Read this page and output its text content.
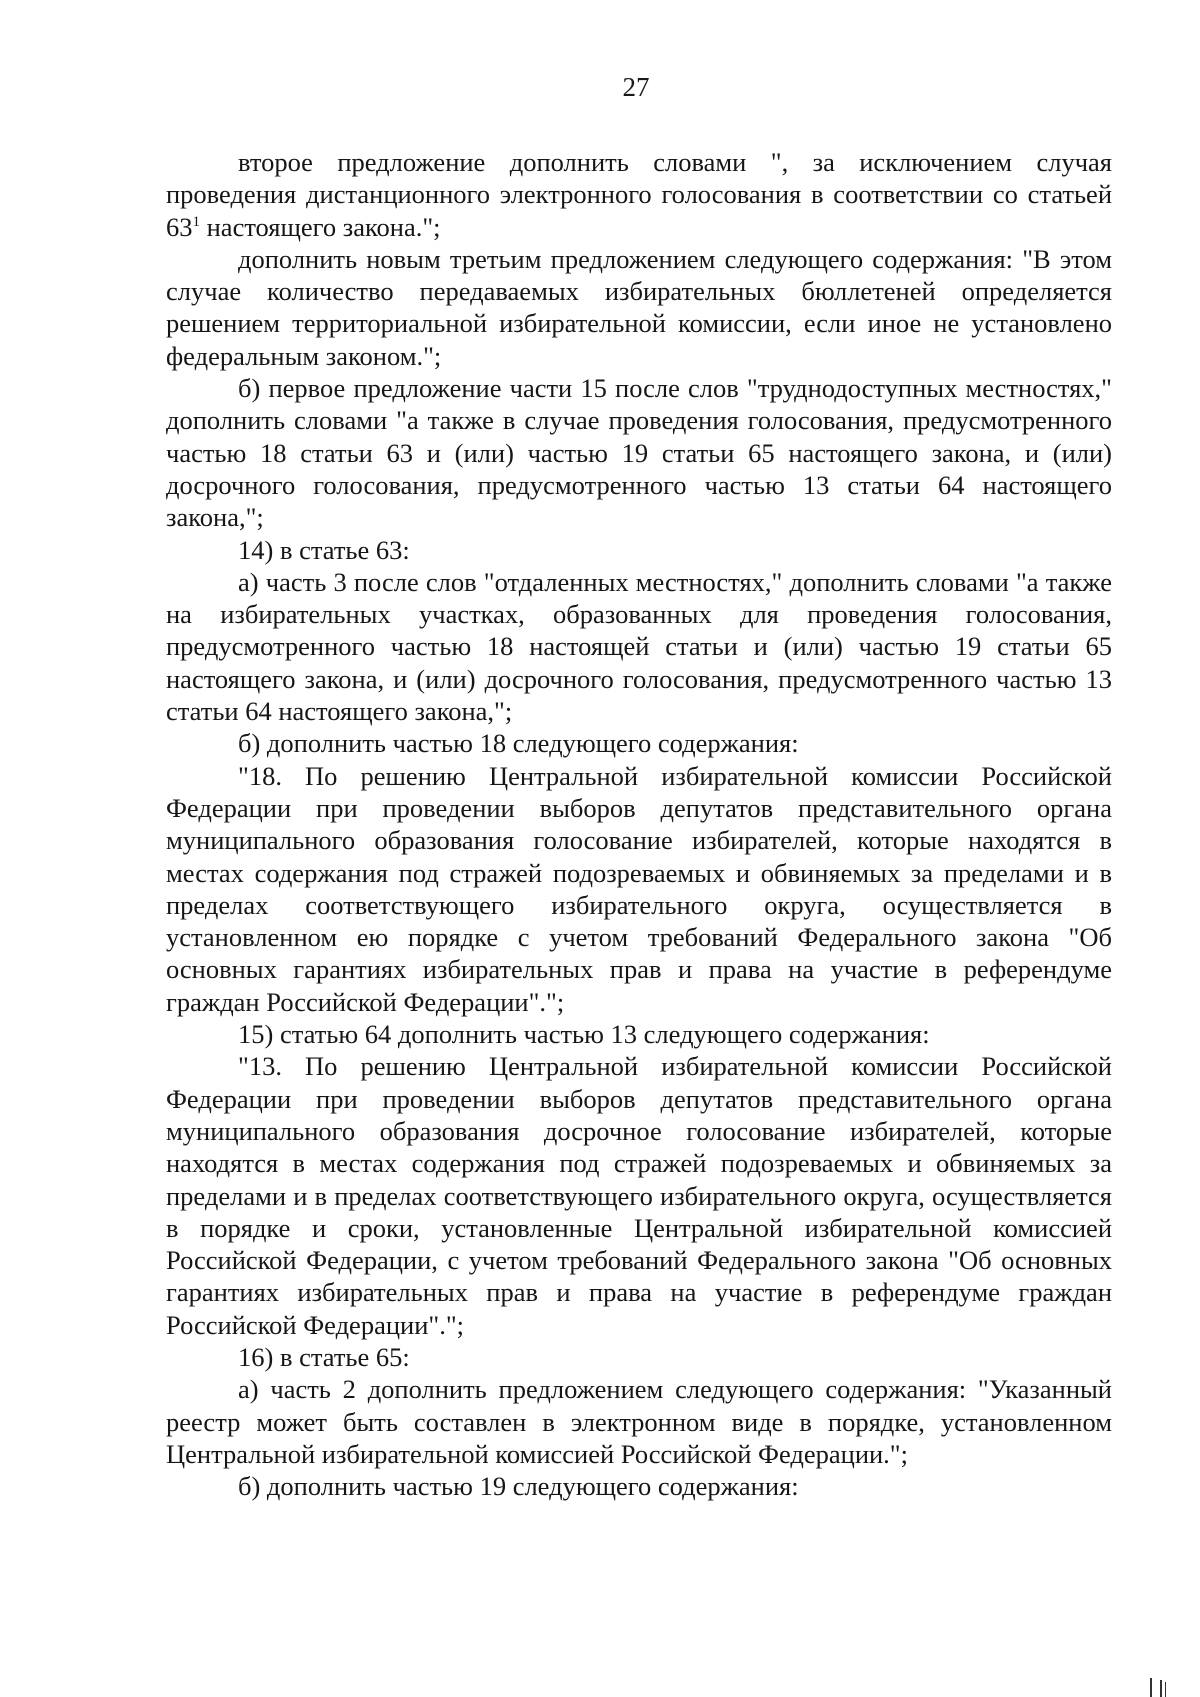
27

второе предложение дополнить словами ", за исключением случая проведения дистанционного электронного голосования в соответствии со статьей $63^1$ настоящего закона.";

дополнить новым третьим предложением следующего содержания: "В этом случае количество передаваемых избирательных бюллетеней определяется решением территориальной избирательной комиссии, если иное не установлено федеральным законом.";

б) первое предложение части 15 после слов "труднодоступных местностях," дополнить словами "а также в случае проведения голосования, предусмотренного частью 18 статьи 63 и (или) частью 19 статьи 65 настоящего закона, и (или) досрочного голосования, предусмотренного частью 13 статьи 64 настоящего закона,";

14) в статье 63:

а) часть 3 после слов "отдаленных местностях," дополнить словами "а также на избирательных участках, образованных для проведения голосования, предусмотренного частью 18 настоящей статьи и (или) частью 19 статьи 65 настоящего закона, и (или) досрочного голосования, предусмотренного частью 13 статьи 64 настоящего закона,";

б) дополнить частью 18 следующего содержания:

"18. По решению Центральной избирательной комиссии Российской Федерации при проведении выборов депутатов представительного органа муниципального образования голосование избирателей, которые находятся в местах содержания под стражей подозреваемых и обвиняемых за пределами и в пределах соответствующего избирательного округа, осуществляется в установленном ею порядке с учетом требований Федерального закона "Об основных гарантиях избирательных прав и права на участие в референдуме граждан Российской Федерации".";

15) статью 64 дополнить частью 13 следующего содержания:

"13. По решению Центральной избирательной комиссии Российской Федерации при проведении выборов депутатов представительного органа муниципального образования досрочное голосование избирателей, которые находятся в местах содержания под стражей подозреваемых и обвиняемых за пределами и в пределах соответствующего избирательного округа, осуществляется в порядке и сроки, установленные Центральной избирательной комиссией Российской Федерации, с учетом требований Федерального закона "Об основных гарантиях избирательных прав и права на участие в референдуме граждан Российской Федерации".";

16) в статье 65:

а) часть 2 дополнить предложением следующего содержания: "Указанный реестр может быть составлен в электронном виде в порядке, установленном Центральной избирательной комиссией Российской Федерации.";

б) дополнить частью 19 следующего содержания:
